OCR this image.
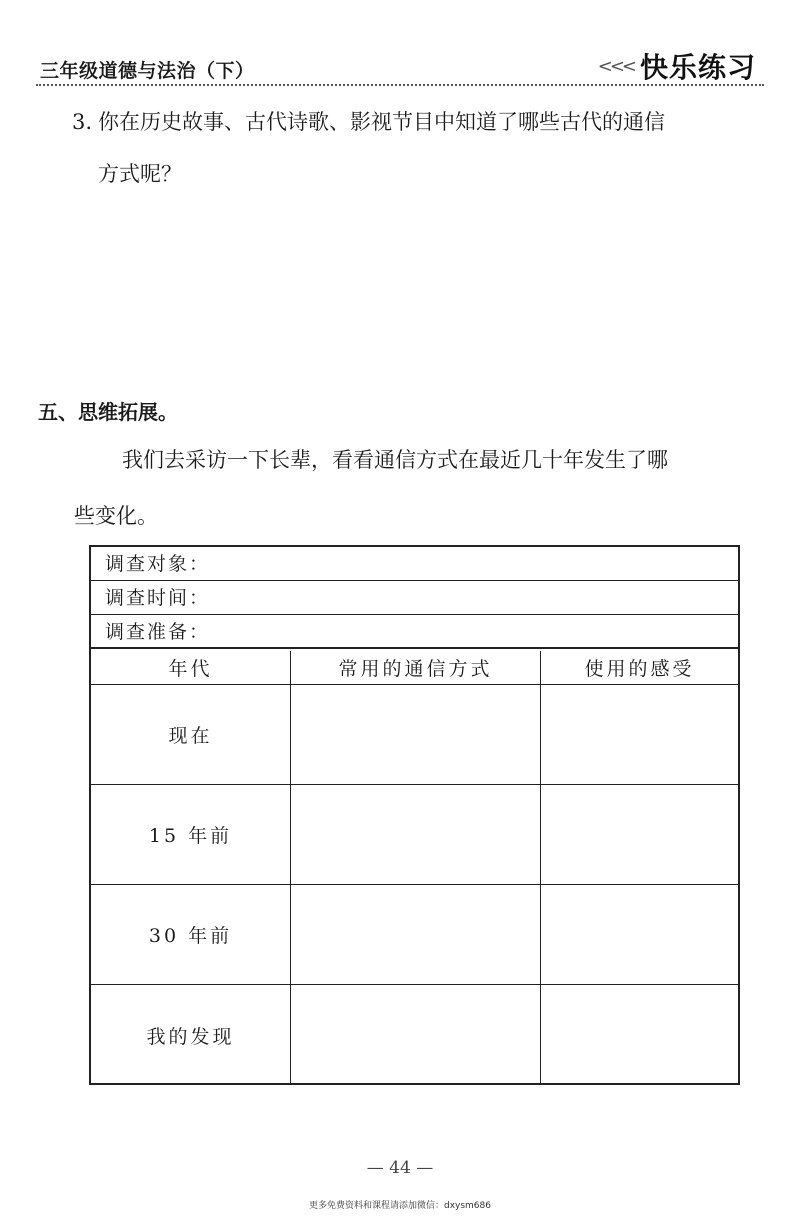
三年级道德与法治（下）	<<< 快乐练习
3. 你在历史故事、古代诗歌、影视节目中知道了哪些古代的通信
方式呢？
五、思维拓展。
我们去采访一下长辈，看看通信方式在最近几十年发生了哪
些变化。
调查对象：
调查时间：
调查准备：
年代	常用的通信方式	使用的感受
现在
15 年前
30 年前
我的发现
— 44 —
更多免费资料和课程请添加微信：dxysm686
